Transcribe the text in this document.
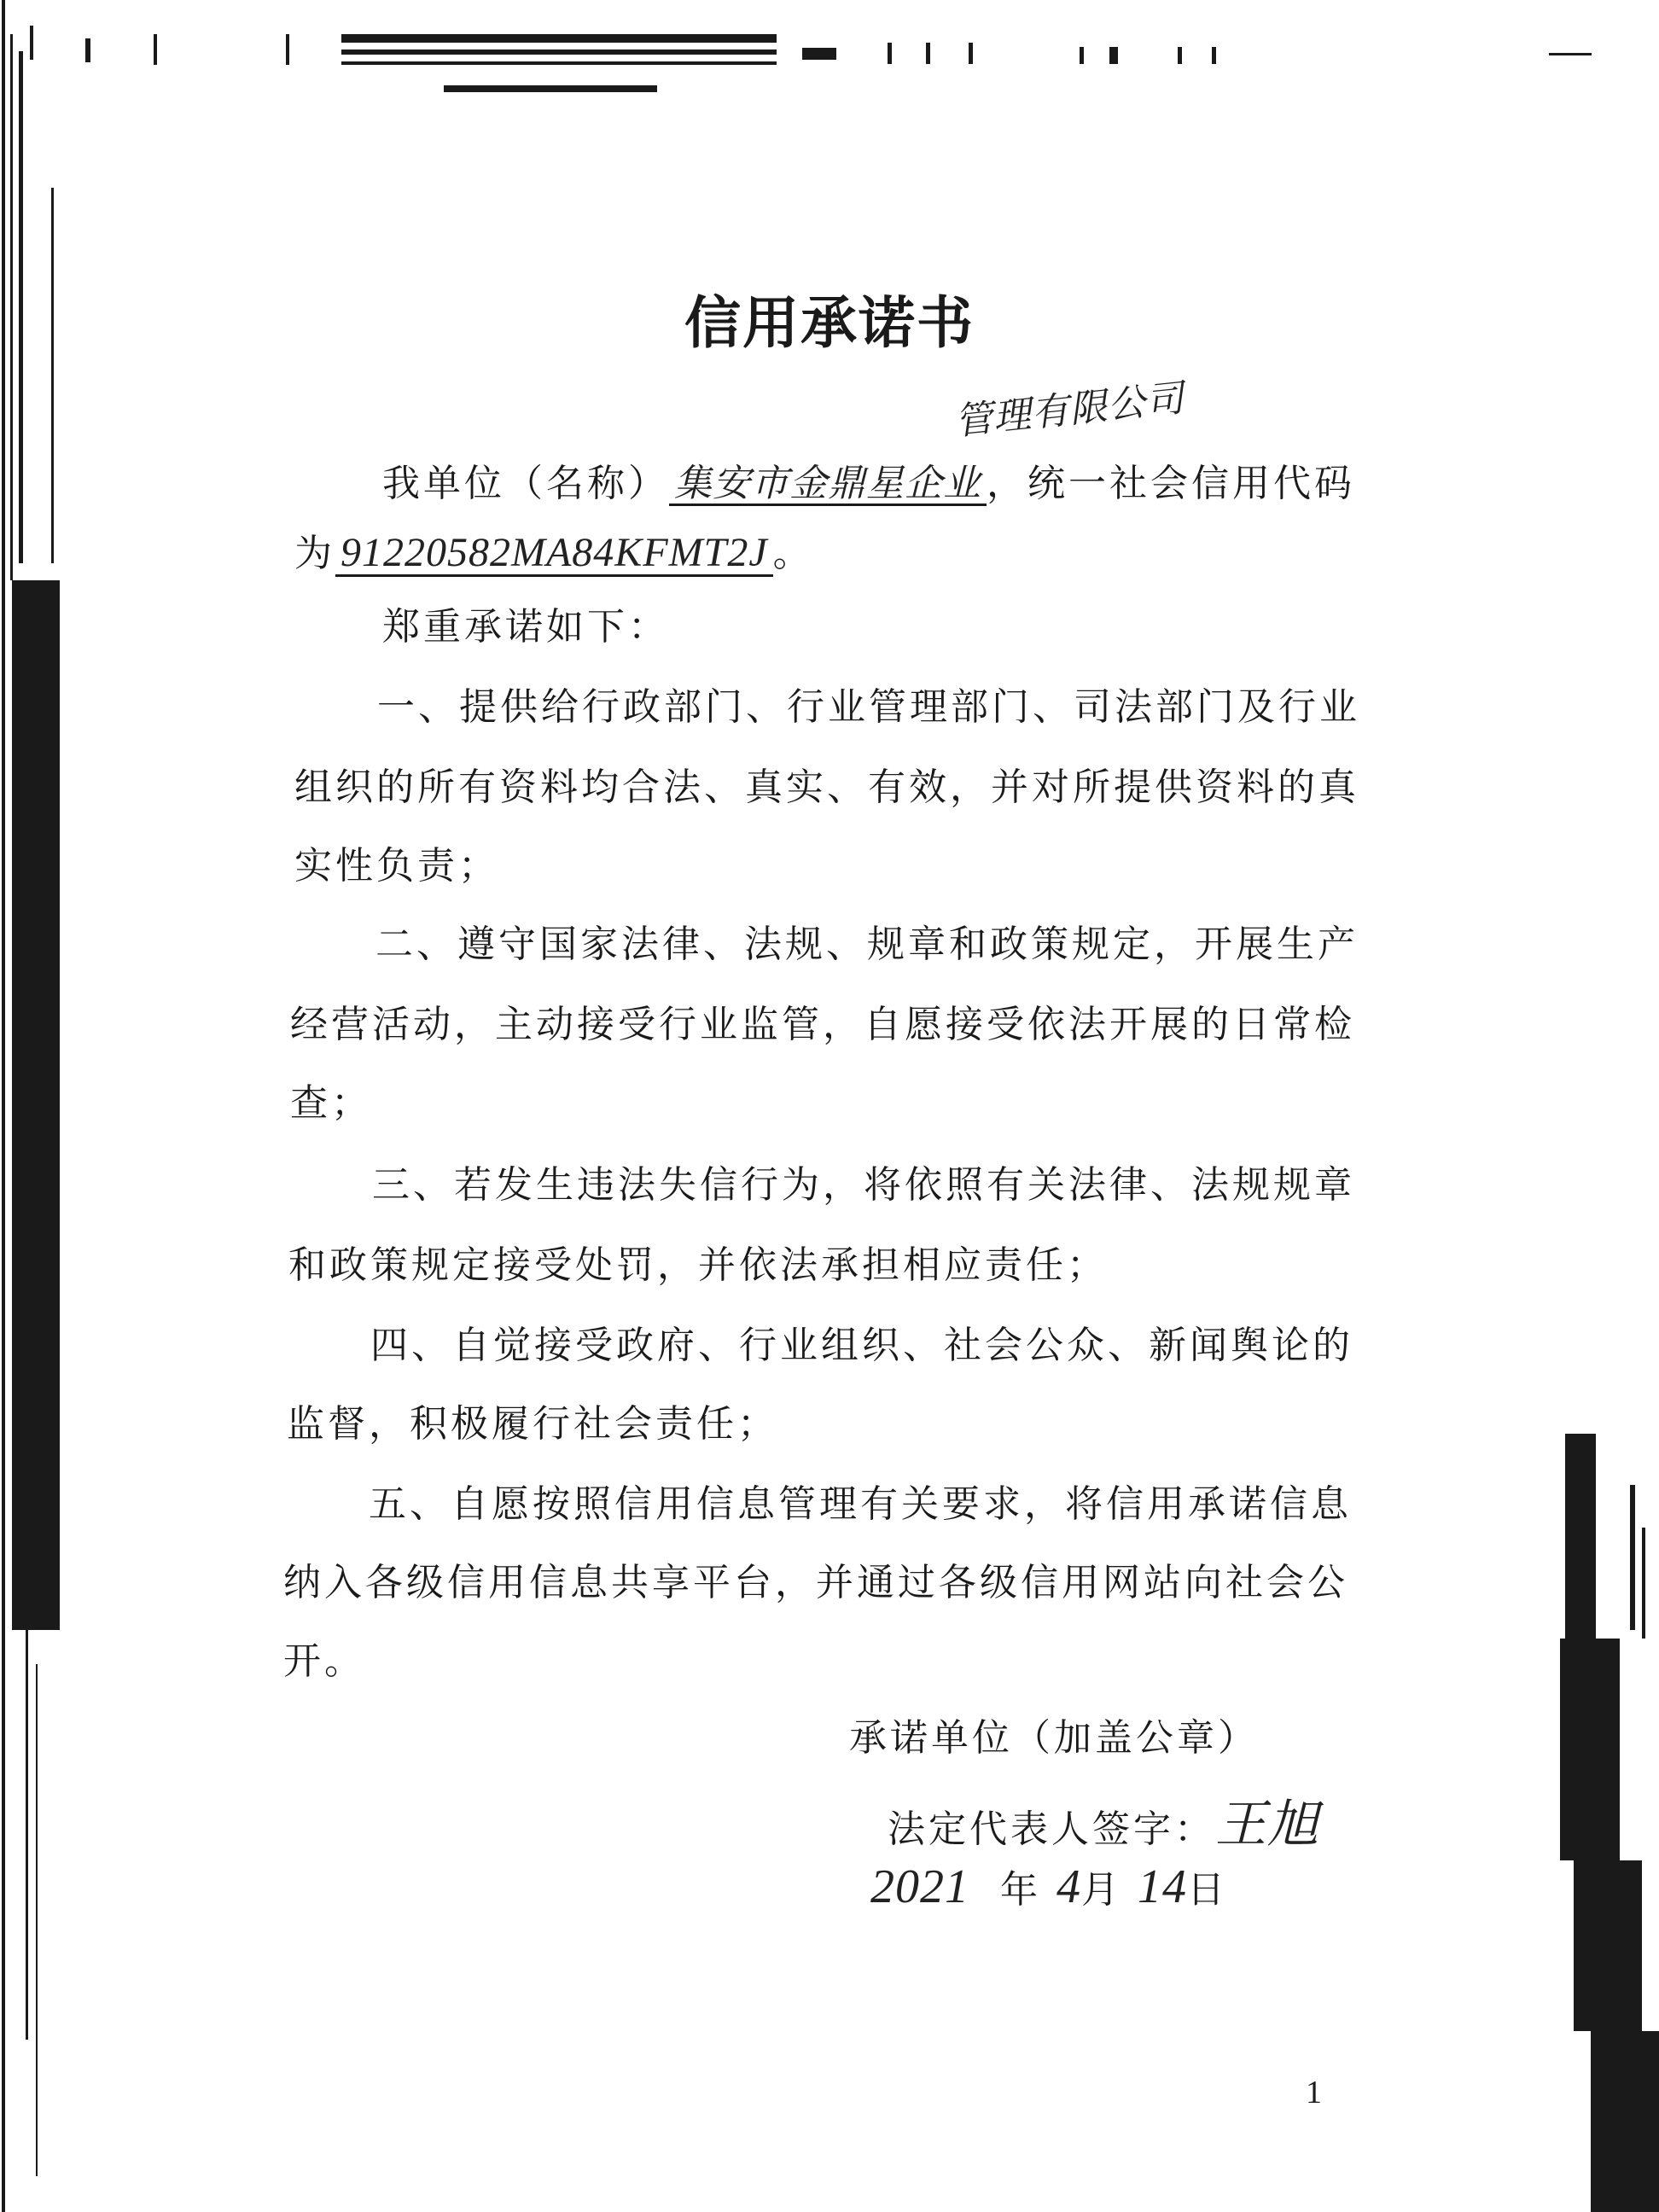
信用承诺书
管理有限公司
我单位（名称） 集安市金鼎星企业 ，统一社会信用代码
为 91220582MA84KFMT2J 。
郑重承诺如下：
一、提供给行政部门、行业管理部门、司法部门及行业
组织的所有资料均合法、真实、有效，并对所提供资料的真
实性负责；
二、遵守国家法律、法规、规章和政策规定，开展生产
经营活动，主动接受行业监管，自愿接受依法开展的日常检
查；
三、若发生违法失信行为，将依照有关法律、法规规章
和政策规定接受处罚，并依法承担相应责任；
四、自觉接受政府、行业组织、社会公众、新闻舆论的
监督，积极履行社会责任；
五、自愿按照信用信息管理有关要求，将信用承诺信息
纳入各级信用信息共享平台，并通过各级信用网站向社会公
开。
承诺单位（加盖公章）
法定代表人签字：王旭
2021 年 4月 14日
1
